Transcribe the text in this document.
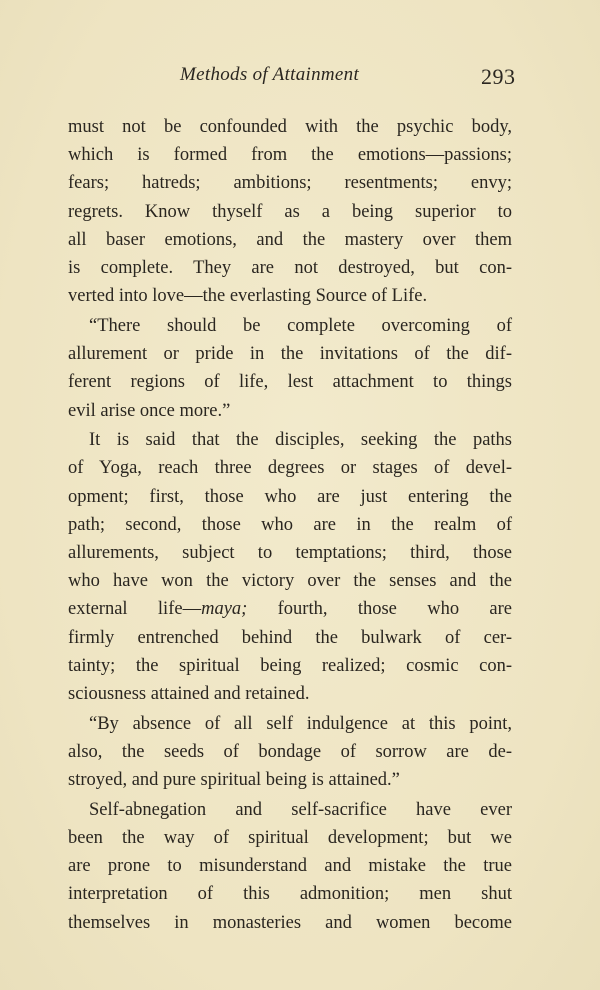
Methods of Attainment	293
must not be confounded with the psychic body,
which is formed from the emotions—passions;
fears; hatreds; ambitions; resentments; envy;
regrets. Know thyself as a being superior to
all baser emotions, and the mastery over them
is complete. They are not destroyed, but con-
verted into love—the everlasting Source of Life.
“There should be complete overcoming of
allurement or pride in the invitations of the dif-
ferent regions of life, lest attachment to things
evil arise once more.”
It is said that the disciples, seeking the paths
of Yoga, reach three degrees or stages of devel-
opment; first, those who are just entering the
path; second, those who are in the realm of
allurements, subject to temptations; third, those
who have won the victory over the senses and the
external life—maya; fourth, those who are
firmly entrenched behind the bulwark of cer-
tainty; the spiritual being realized; cosmic con-
sciousness attained and retained.
“By absence of all self indulgence at this point,
also, the seeds of bondage of sorrow are de-
stroyed, and pure spiritual being is attained.”
Self-abnegation and self-sacrifice have ever
been the way of spiritual development; but we
are prone to misunderstand and mistake the true
interpretation of this admonition; men shut
themselves in monasteries and women become
